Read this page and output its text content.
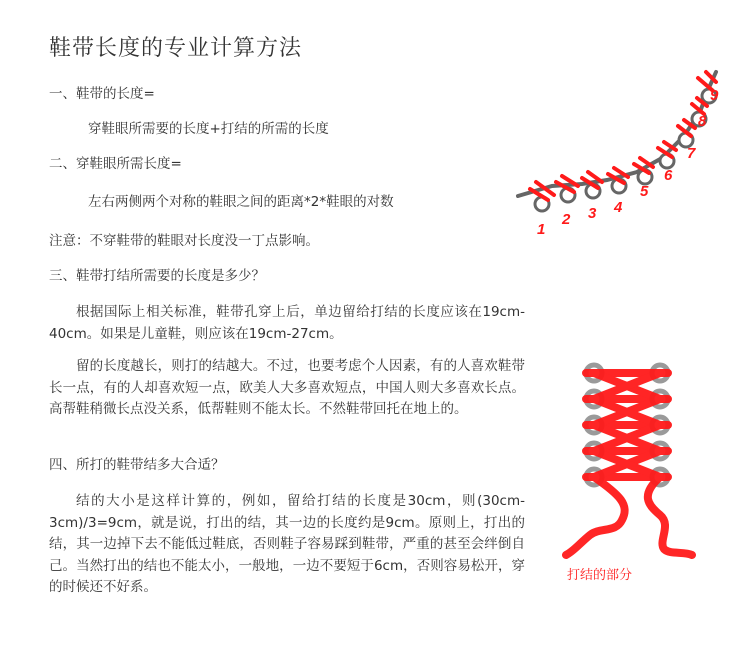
鞋带长度的专业计算方法
一、鞋带的长度=
穿鞋眼所需要的长度+打结的所需的长度
二、穿鞋眼所需长度=
左右两侧两个对称的鞋眼之间的距离*2*鞋眼的对数
注意：不穿鞋带的鞋眼对长度没一丁点影响。
三、鞋带打结所需要的长度是多少？
根据国际上相关标准，鞋带孔穿上后，单边留给打结的长度应该在19cm-40cm。如果是儿童鞋，则应该在19cm-27cm。
留的长度越长，则打的结越大。不过，也要考虑个人因素，有的人喜欢鞋带长一点，有的人却喜欢短一点，欧美人大多喜欢短点，中国人则大多喜欢长点。高帮鞋稍微长点没关系，低帮鞋则不能太长。不然鞋带回托在地上的。
四、所打的鞋带结多大合适？
结的大小是这样计算的，例如，留给打结的长度是30cm，则(30cm-3cm)/3=9cm，就是说，打出的结，其一边的长度约是9cm。原则上，打出的结，其一边掉下去不能低过鞋底，否则鞋子容易踩到鞋带，严重的甚至会绊倒自己。当然打出的结也不能太小，一般地，一边不要短于6cm，否则容易松开，穿的时候还不好系。
1
2 3 4
5
6
7
8
9
打结的部分
